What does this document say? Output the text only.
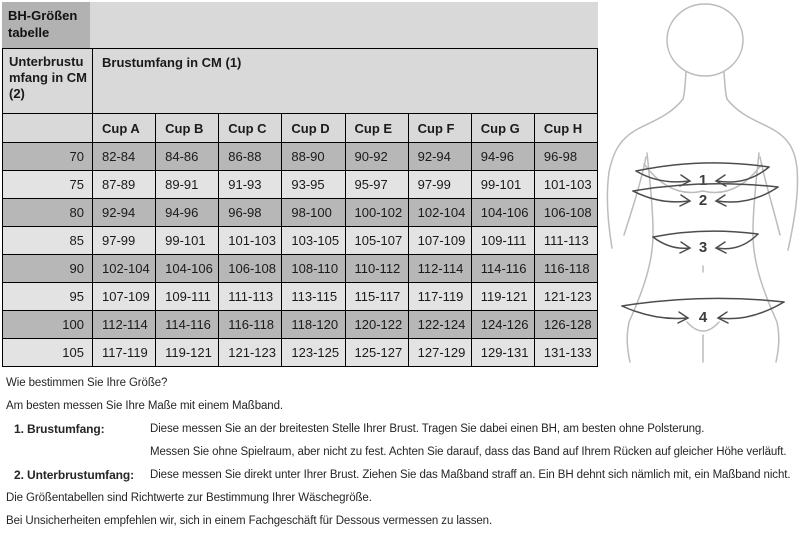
BH-Größen tabelle
Unterbrustumfang in CM (2)
Brustumfang in CM (1)
Cup A	Cup B	Cup C	Cup D	Cup E	Cup F	Cup G	Cup H
70	82-84	84-86	86-88	88-90	90-92	92-94	94-96	96-98
75	87-89	89-91	91-93	93-95	95-97	97-99	99-101	101-103
80	92-94	94-96	96-98	98-100	100-102	102-104	104-106	106-108
85	97-99	99-101	101-103	103-105	105-107	107-109	109-111	111-113
90	102-104	104-106	106-108	108-110	110-112	112-114	114-116	116-118
95	107-109	109-111	111-113	113-115	115-117	117-119	119-121	121-123
100	112-114	114-116	116-118	118-120	120-122	122-124	124-126	126-128
105	117-119	119-121	121-123	123-125	125-127	127-129	129-131	131-133
1
2
3
4
Wie bestimmen Sie Ihre Größe?
Am besten messen Sie Ihre Maße mit einem Maßband.
1. Brustumfang:	Diese messen Sie an der breitesten Stelle Ihrer Brust. Tragen Sie dabei einen BH, am besten ohne Polsterung.
Messen Sie ohne Spielraum, aber nicht zu fest. Achten Sie darauf, dass das Band auf Ihrem Rücken auf gleicher Höhe verläuft.
2. Unterbrustumfang:	Diese messen Sie direkt unter Ihrer Brust. Ziehen Sie das Maßband straff an. Ein BH dehnt sich nämlich mit, ein Maßband nicht.
Die Größentabellen sind Richtwerte zur Bestimmung Ihrer Wäschegröße.
Bei Unsicherheiten empfehlen wir, sich in einem Fachgeschäft für Dessous vermessen zu lassen.
